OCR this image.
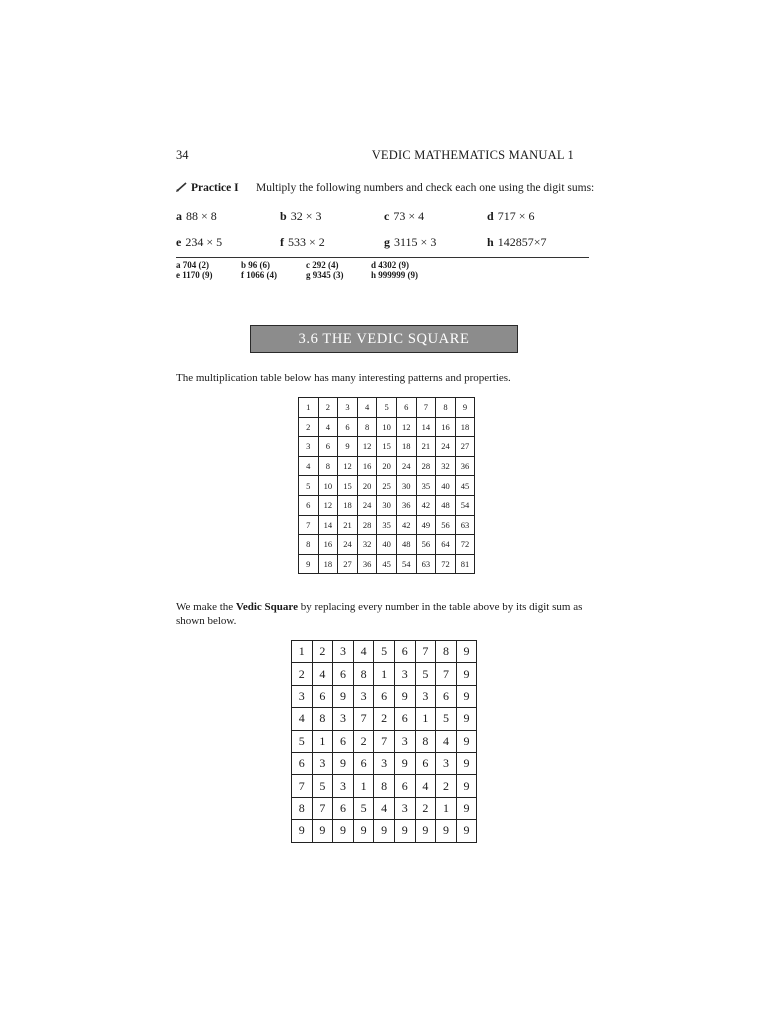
34	VEDIC MATHEMATICS MANUAL 1
Practice I Multiply the following numbers and check each one using the digit sums:
a 88 × 8	b 32 × 3	c 73 × 4	d 717 × 6
e 234 × 5	f 533 × 2	g 3115 × 3	h 142857×7
a 704 (2)	b 96 (6)	c 292 (4)	d 4302 (9)
e 1170 (9)	f 1066 (4)	g 9345 (3)	h 999999 (9)
3.6 THE VEDIC SQUARE
The multiplication table below has many interesting patterns and properties.
1	2	3	4	5	6	7	8	9
2	4	6	8	10	12	14	16	18
3	6	9	12	15	18	21	24	27
4	8	12	16	20	24	28	32	36
5	10	15	20	25	30	35	40	45
6	12	18	24	30	36	42	48	54
7	14	21	28	35	42	49	56	63
8	16	24	32	40	48	56	64	72
9	18	27	36	45	54	63	72	81
We make the Vedic Square by replacing every number in the table above by its digit sum as shown below.
1	2	3	4	5	6	7	8	9
2	4	6	8	1	3	5	7	9
3	6	9	3	6	9	3	6	9
4	8	3	7	2	6	1	5	9
5	1	6	2	7	3	8	4	9
6	3	9	6	3	9	6	3	9
7	5	3	1	8	6	4	2	9
8	7	6	5	4	3	2	1	9
9	9	9	9	9	9	9	9	9
